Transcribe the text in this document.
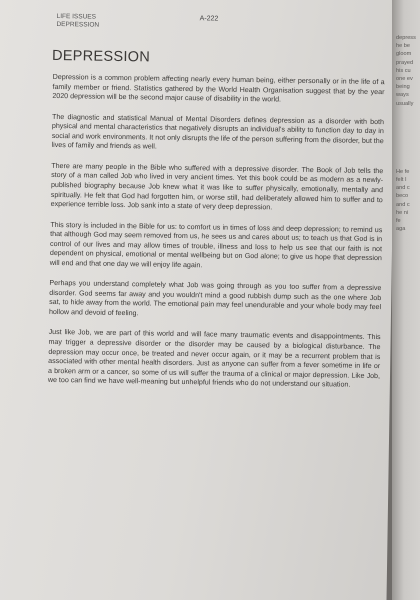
LIFE ISSUES
DEPRESSION
A-222
DEPRESSION

Depression is a common problem affecting nearly every human being, either personally or in the life of a family member or friend. Statistics gathered by the World Health Organisation suggest that by the year 2020 depression will be the second major cause of disability in the world.

The diagnostic and statistical Manual of Mental Disorders defines depression as a disorder with both physical and mental characteristics that negatively disrupts an individual's ability to function day to day in social and work environments. It not only disrupts the life of the person suffering from the disorder, but the lives of family and friends as well.

There are many people in the Bible who suffered with a depressive disorder. The Book of Job tells the story of a man called Job who lived in very ancient times. Yet this book could be as modern as a newly-published biography because Job knew what it was like to suffer physically, emotionally, mentally and spiritually. He felt that God had forgotten him, or worse still, had deliberately allowed him to suffer and to experience terrible loss. Job sank into a state of very deep depression.

This story is included in the Bible for us: to comfort us in times of loss and deep depression; to remind us that although God may seem removed from us, he sees us and cares about us; to teach us that God is in control of our lives and may allow times of trouble, illness and loss to help us see that our faith is not dependent on physical, emotional or mental wellbeing but on God alone; to give us hope that depression will end and that one day we will enjoy life again.

Perhaps you understand completely what Job was going through as you too suffer from a depressive disorder. God seems far away and you wouldn't mind a good rubbish dump such as the one where Job sat, to hide away from the world. The emotional pain may feel unendurable and your whole body may feel hollow and devoid of feeling.

Just like Job, we are part of this world and will face many traumatic events and disappointments. This may trigger a depressive disorder or the disorder may be caused by a biological disturbance. The depression may occur once, be treated and never occur again, or it may be a recurrent problem that is associated with other mental health disorders. Just as anyone can suffer from a fever sometime in life or a broken arm or a cancer, so some of us will suffer the trauma of a clinical or major depression. Like Job, we too can find we have well-meaning but unhelpful friends who do not understand our situation.

depress
he be
gloom
prayed
his cu
one ev
being
ways
usually
He fe
felt I
and c
beco
and c
he ni
fe
aga
